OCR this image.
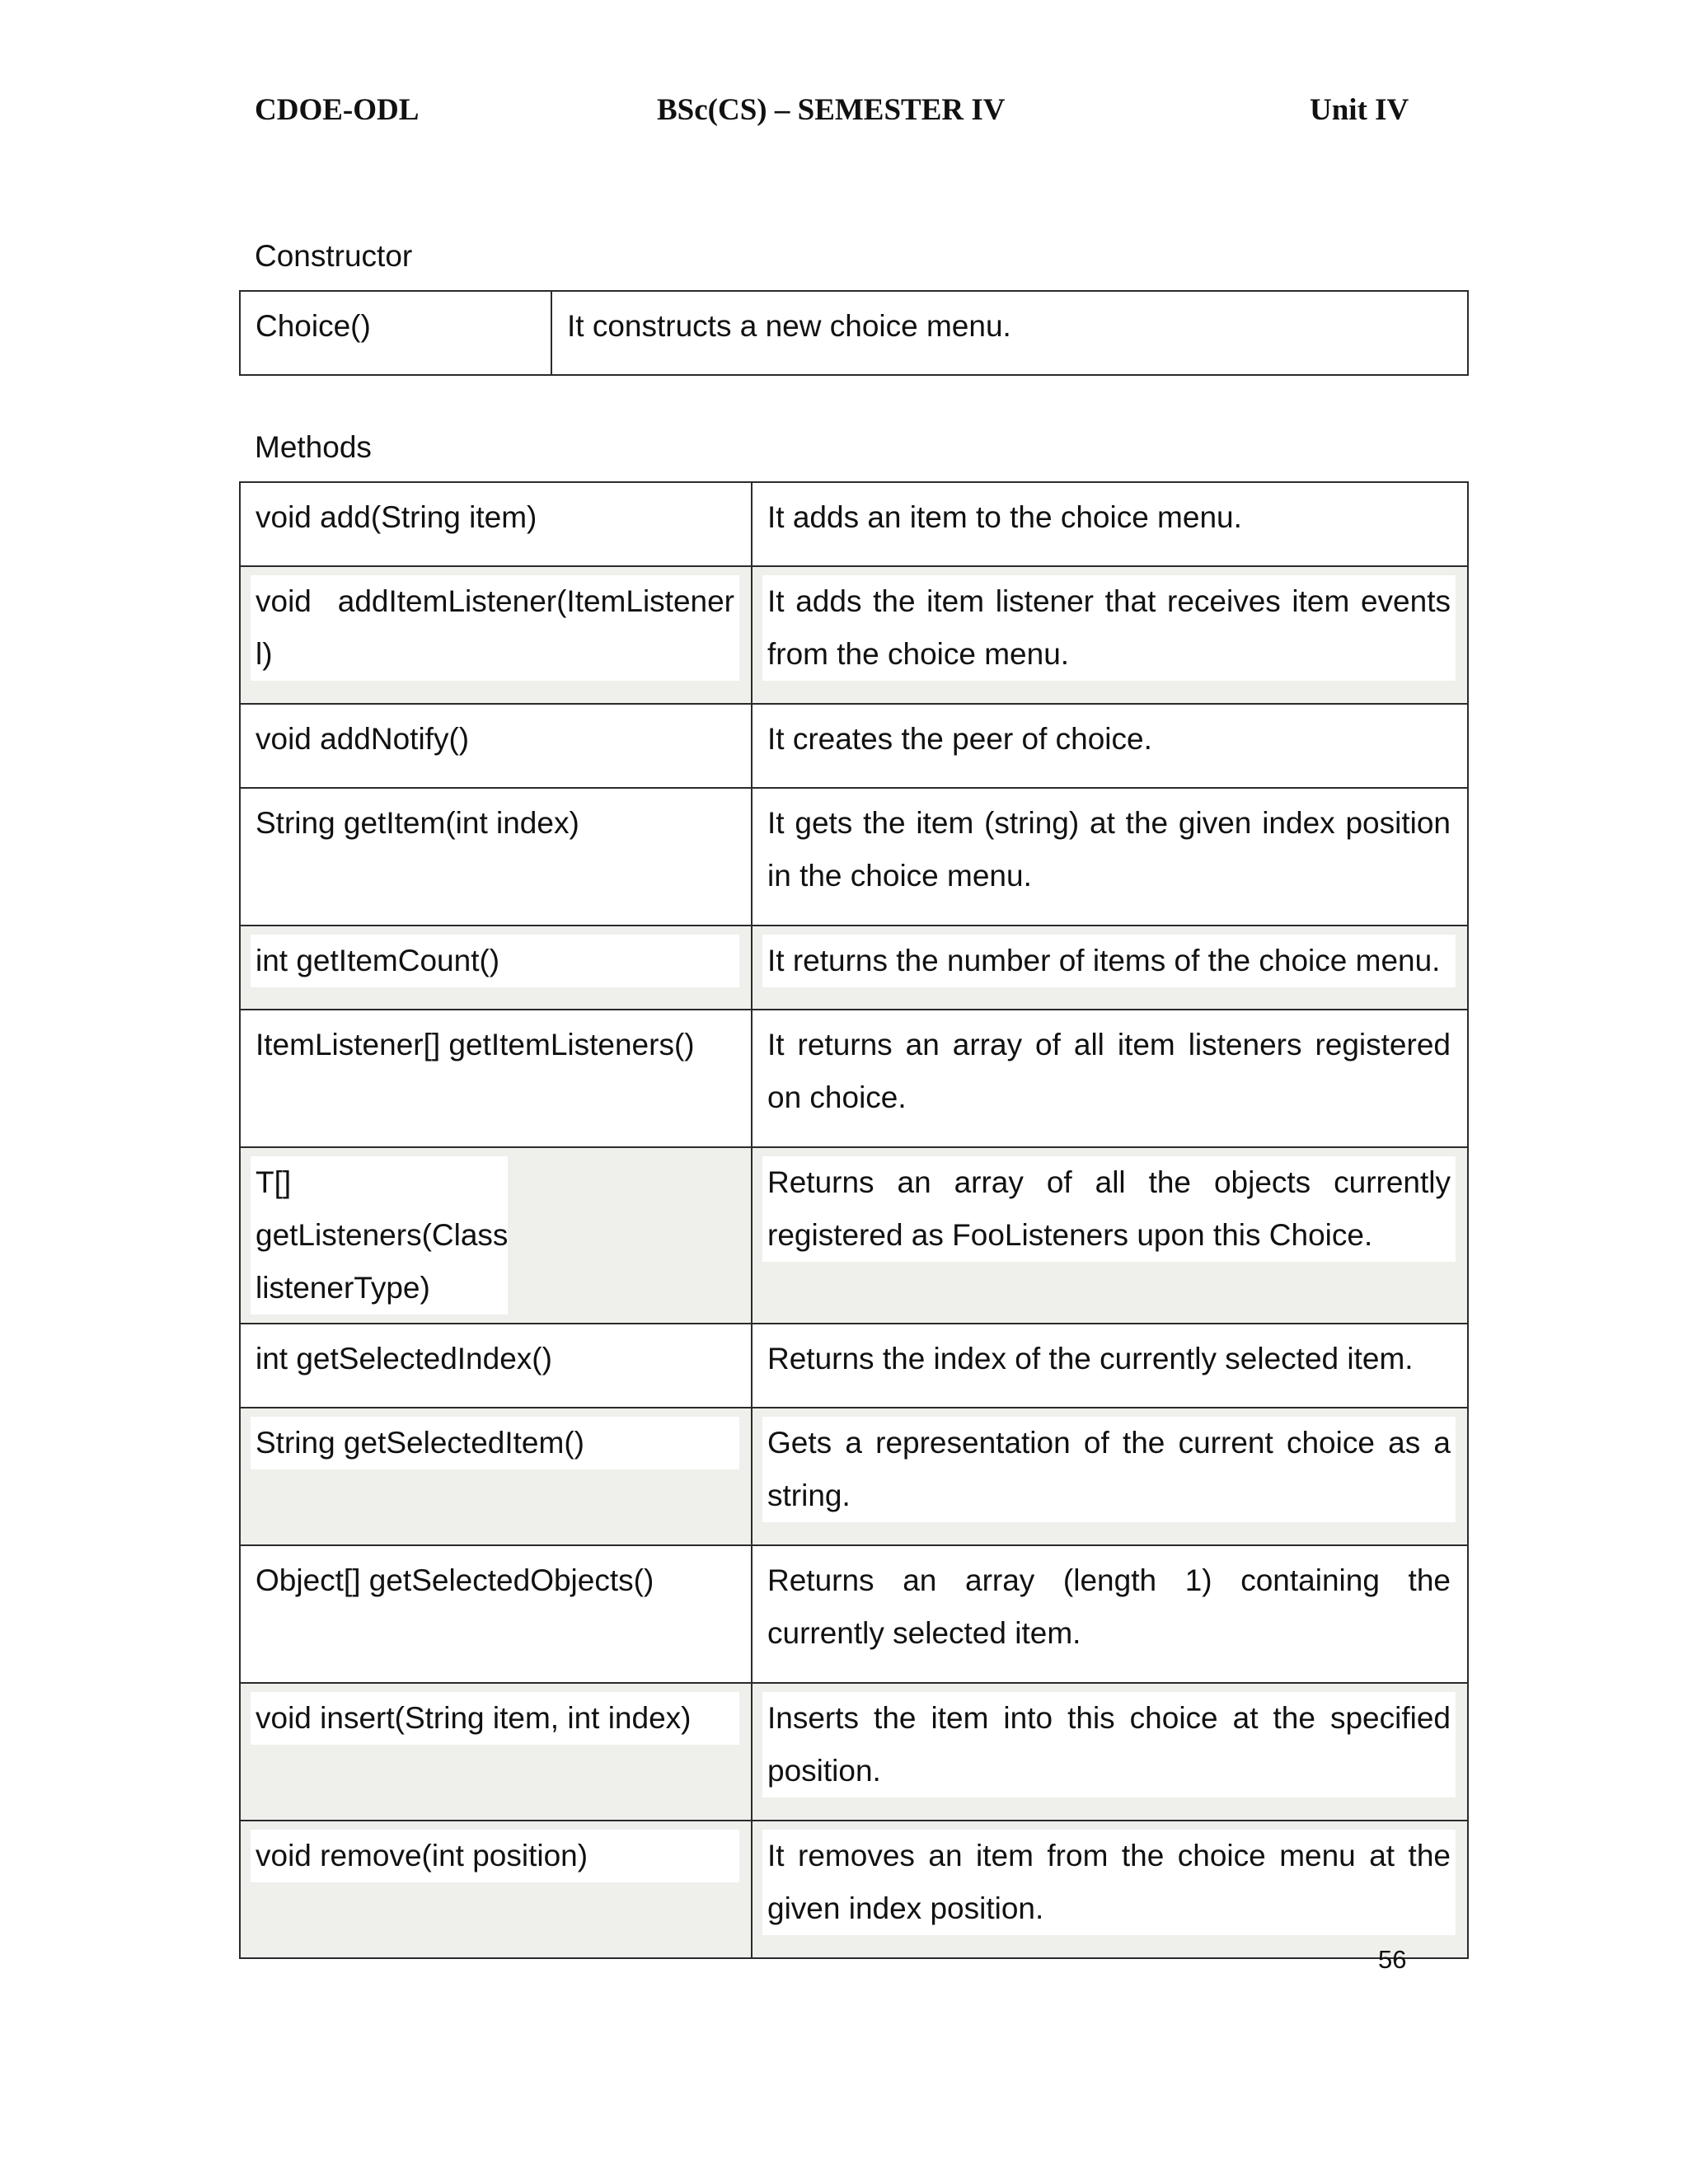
CDOE-ODL	BSc(CS) – SEMESTER IV	Unit IV
Constructor
Choice()	It constructs a new choice menu.
Methods
void add(String item)	It adds an item to the choice menu.

void addItemListener(ItemListener l)	It adds the item listener that receives item events from the choice menu.

void addNotify()	It creates the peer of choice.

String getItem(int index)	It gets the item (string) at the given index position in the choice menu.

int getItemCount()	It returns the number of items of the choice menu.

ItemListener[] getItemListeners()	It returns an array of all item listeners registered on choice.

T[] getListeners(Class listenerType)	Returns an array of all the objects currently registered as FooListeners upon this Choice.

int getSelectedIndex()	Returns the index of the currently selected item.

String getSelectedItem()	Gets a representation of the current choice as a string.

Object[] getSelectedObjects()	Returns an array (length 1) containing the currently selected item.

void insert(String item, int index)	Inserts the item into this choice at the specified position.

void remove(int position)	It removes an item from the choice menu at the given index position.
56
